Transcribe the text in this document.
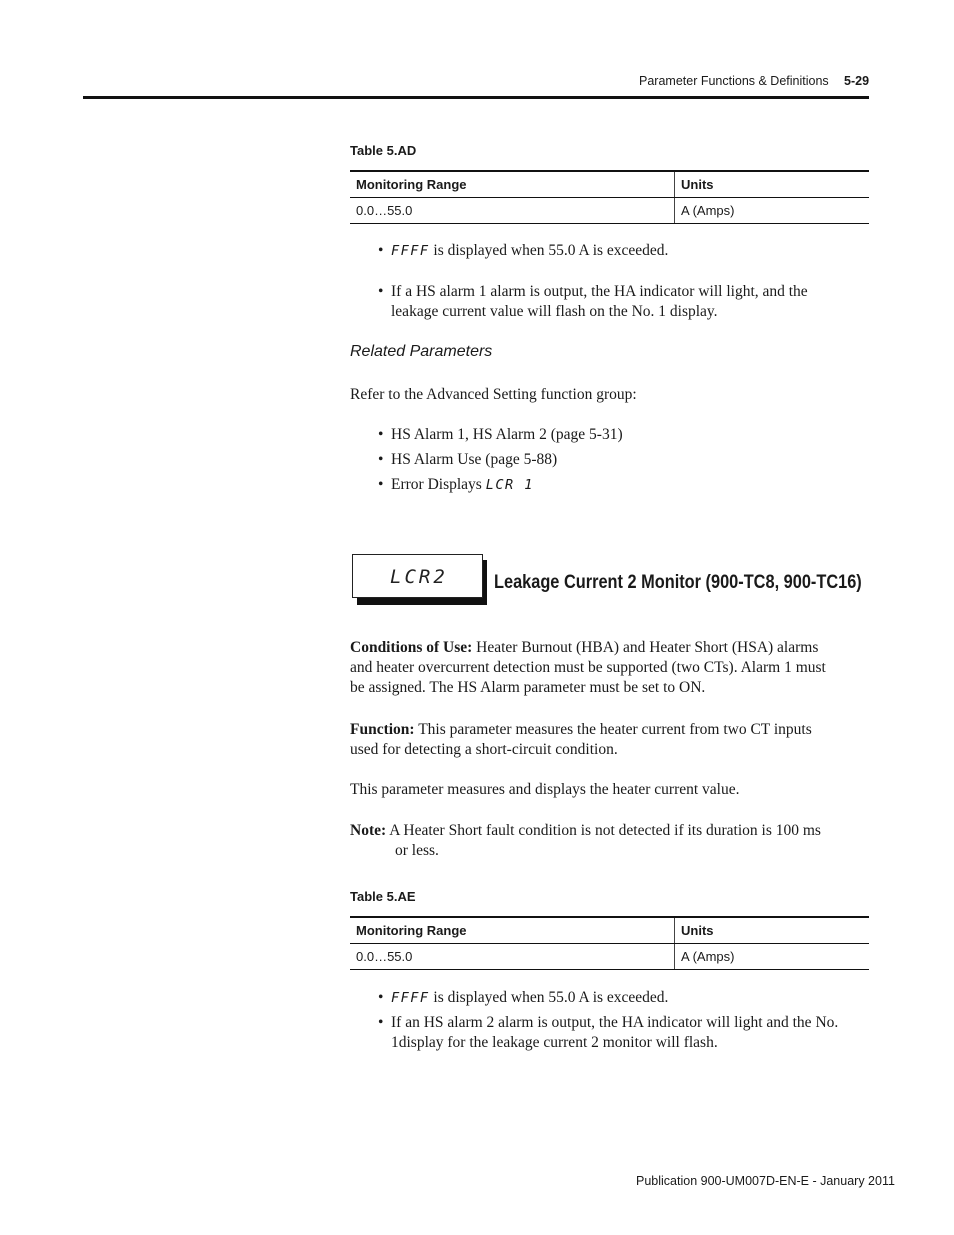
Parameter Functions & Definitions 5-29
Table 5.AD
Monitoring Range	Units
0.0…55.0	A (Amps)
• FFFF is displayed when 55.0 A is exceeded.
• If a HS alarm 1 alarm is output, the HA indicator will light, and the
leakage current value will flash on the No. 1 display.
Related Parameters
Refer to the Advanced Setting function group:
• HS Alarm 1, HS Alarm 2 (page 5-31)
• HS Alarm Use (page 5-88)
• Error Displays LCR 1
LCR2 Leakage Current 2 Monitor (900-TC8, 900-TC16)
Conditions of Use: Heater Burnout (HBA) and Heater Short (HSA) alarms
and heater overcurrent detection must be supported (two CTs). Alarm 1 must
be assigned. The HS Alarm parameter must be set to ON.
Function: This parameter measures the heater current from two CT inputs
used for detecting a short-circuit condition.
This parameter measures and displays the heater current value.
Note: A Heater Short fault condition is not detected if its duration is 100 ms
or less.
Table 5.AE
Monitoring Range	Units
0.0…55.0	A (Amps)
• FFFF is displayed when 55.0 A is exceeded.
• If an HS alarm 2 alarm is output, the HA indicator will light and the No.
1display for the leakage current 2 monitor will flash.
Publication 900-UM007D-EN-E - January 2011
